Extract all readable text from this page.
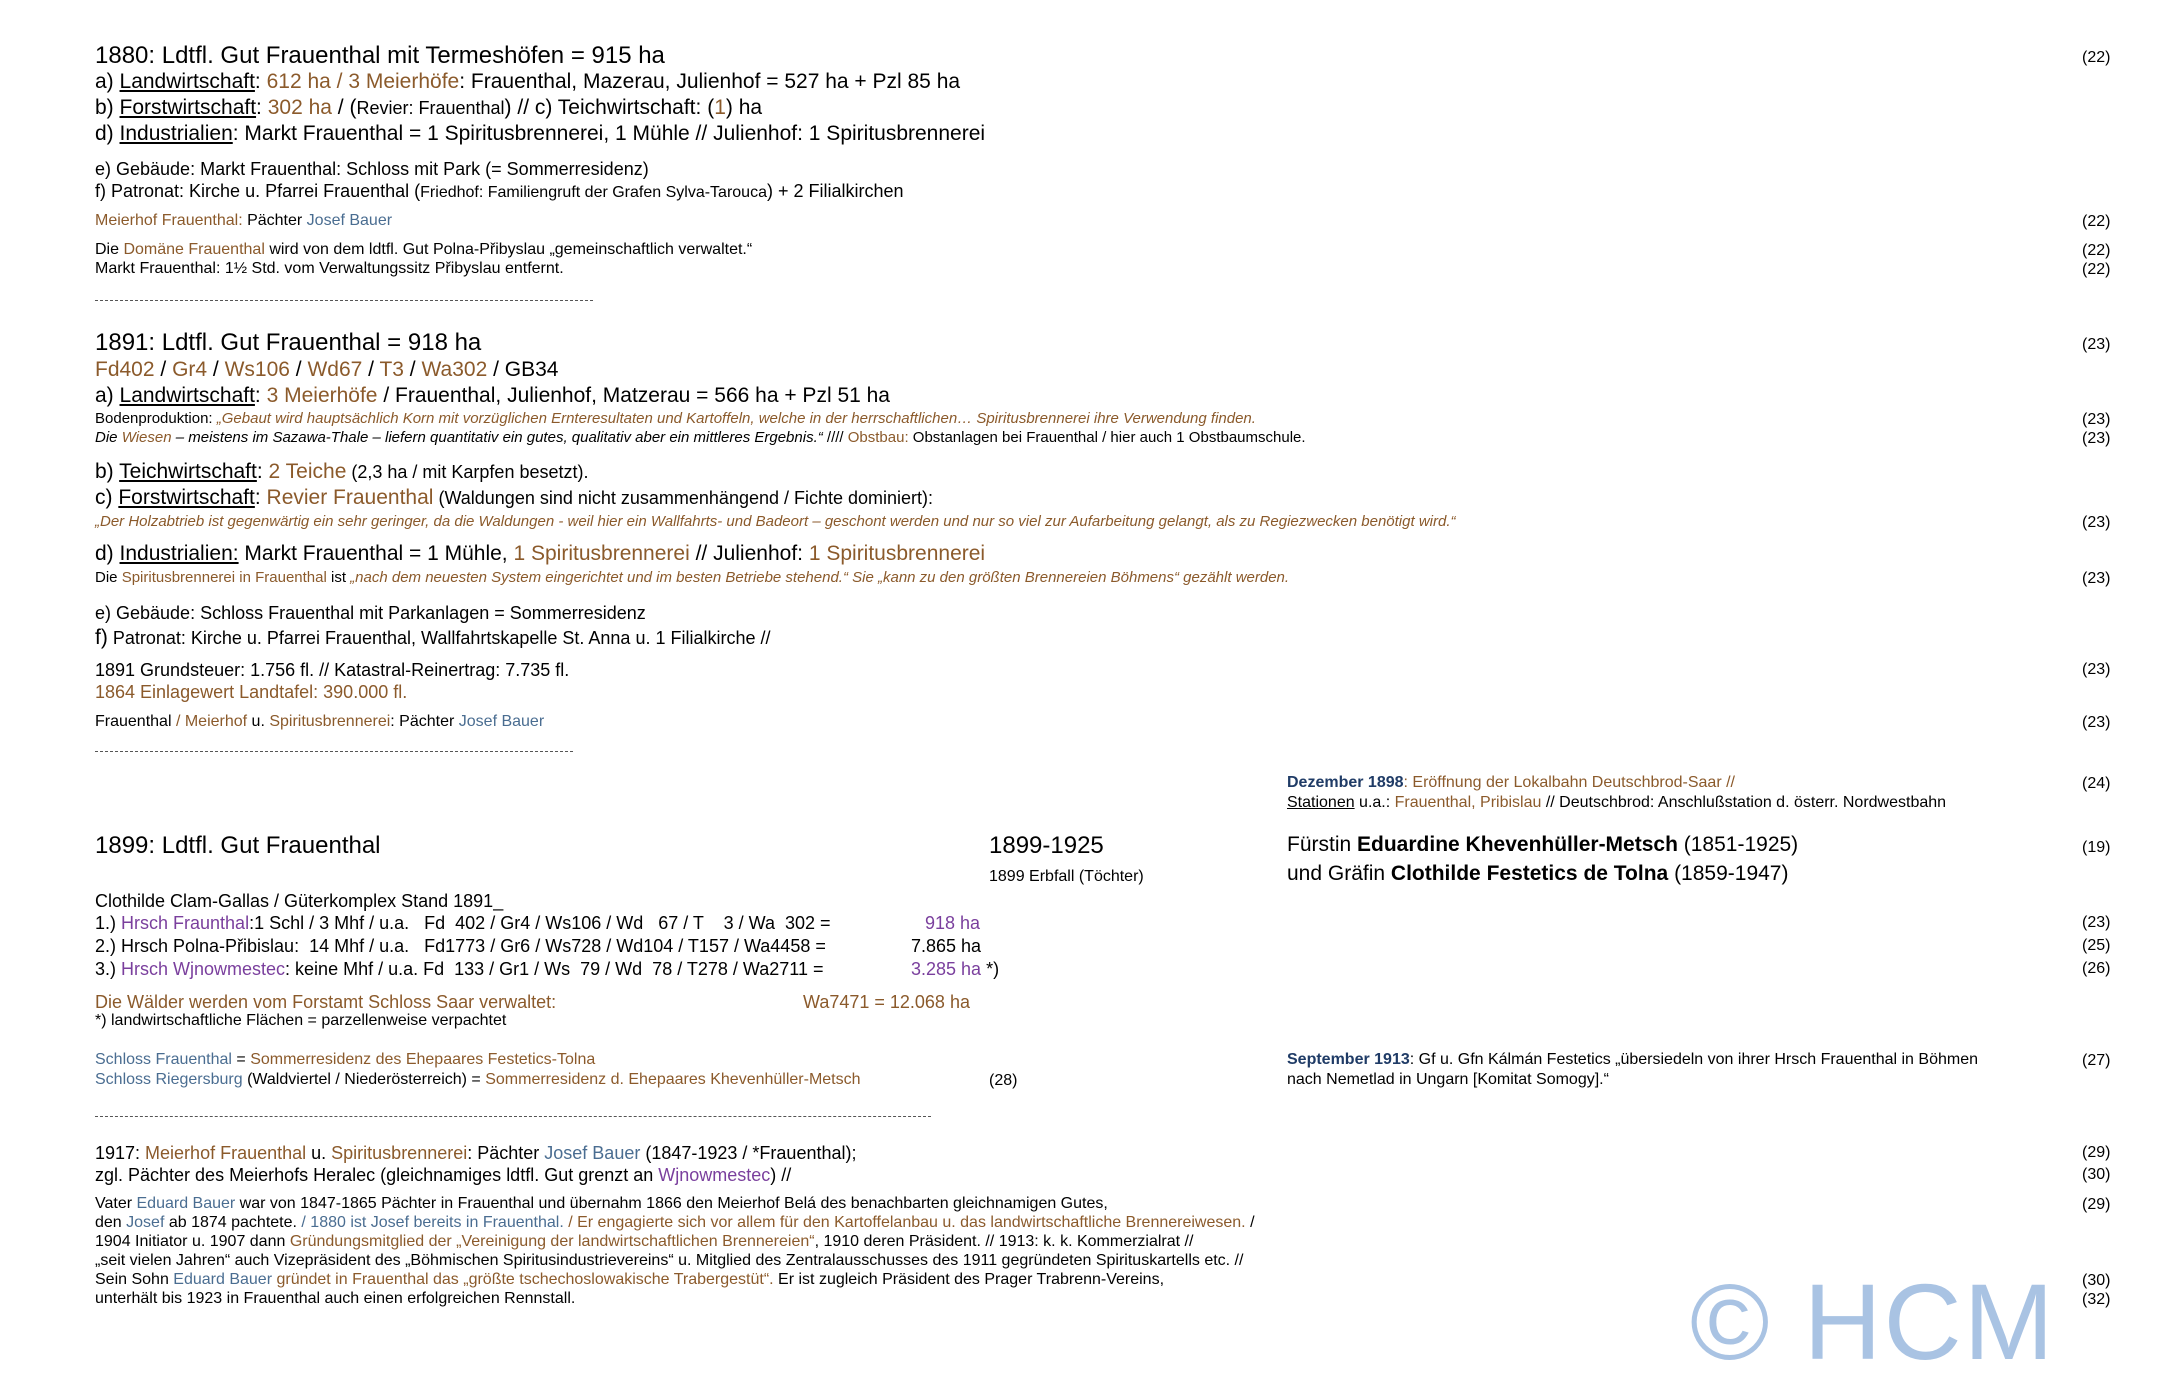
1880: Ldtfl. Gut Frauenthal mit Termeshöfen = 915 ha	(22)
a) Landwirtschaft: 612 ha / 3 Meierhöfe: Frauenthal, Mazerau, Julienhof = 527 ha + Pzl 85 ha
b) Forstwirtschaft: 302 ha / (Revier: Frauenthal) // c) Teichwirtschaft: (1) ha
d) Industrialien: Markt Frauenthal = 1 Spiritusbrennerei, 1 Mühle // Julienhof: 1 Spiritusbrennerei
e) Gebäude: Markt Frauenthal: Schloss mit Park (= Sommerresidenz)
f) Patronat: Kirche u. Pfarrei Frauenthal (Friedhof: Familiengruft der Grafen Sylva-Tarouca) + 2 Filialkirchen
Meierhof Frauenthal: Pächter Josef Bauer	(22)
Die Domäne Frauenthal wird von dem ldtfl. Gut Polna-Přibyslau „gemeinschaftlich verwaltet.“	(22)
Markt Frauenthal: 1½ Std. vom Verwaltungssitz Přibyslau entfernt.	(22)
1891: Ldtfl. Gut Frauenthal = 918 ha	(23)
Fd402 / Gr4 / Ws106 / Wd67 / T3 / Wa302 / GB34
a) Landwirtschaft: 3 Meierhöfe / Frauenthal, Julienhof, Matzerau = 566 ha + Pzl 51 ha
Bodenproduktion: „Gebaut wird hauptsächlich Korn mit vorzüglichen Ernteresultaten und Kartoffeln, welche in der herrschaftlichen… Spiritusbrennerei ihre Verwendung finden.	(23)
Die Wiesen – meistens im Sazawa-Thale – liefern quantitativ ein gutes, qualitativ aber ein mittleres Ergebnis.“ //// Obstbau: Obstanlagen bei Frauenthal / hier auch 1 Obstbaumschule.	(23)
b) Teichwirtschaft: 2 Teiche (2,3 ha / mit Karpfen besetzt).
c) Forstwirtschaft: Revier Frauenthal (Waldungen sind nicht zusammenhängend / Fichte dominiert):
„Der Holzabtrieb ist gegenwärtig ein sehr geringer, da die Waldungen - weil hier ein Wallfahrts- und Badeort – geschont werden und nur so viel zur Aufarbeitung gelangt, als zu Regiezwecken benötigt wird.“	(23)
d) Industrialien: Markt Frauenthal = 1 Mühle, 1 Spiritusbrennerei // Julienhof: 1 Spiritusbrennerei
Die Spiritusbrennerei in Frauenthal ist „nach dem neuesten System eingerichtet und im besten Betriebe stehend.“ Sie „kann zu den größten Brennereien Böhmens“ gezählt werden.	(23)
e) Gebäude: Schloss Frauenthal mit Parkanlagen = Sommerresidenz
f) Patronat: Kirche u. Pfarrei Frauenthal, Wallfahrtskapelle St. Anna u. 1 Filialkirche //
1891 Grundsteuer: 1.756 fl. // Katastral-Reinertrag: 7.735 fl.	(23)
1864 Einlagewert Landtafel: 390.000 fl.
Frauenthal / Meierhof u. Spiritusbrennerei: Pächter Josef Bauer	(23)
Dezember 1898: Eröffnung der Lokalbahn Deutschbrod-Saar //	(24)
Stationen u.a.: Frauenthal, Pribislau // Deutschbrod: Anschlußstation d. österr. Nordwestbahn
1899: Ldtfl. Gut Frauenthal	1899-1925
1899 Erbfall (Töchter)
Fürstin Eduardine Khevenhüller-Metsch (1851-1925)	(19)
und Gräfin Clothilde Festetics de Tolna (1859-1947)
Clothilde Clam-Gallas / Güterkomplex Stand 1891_
1.) Hrsch Fraunthal:1 Schl / 3 Mhf / u.a.   Fd  402 / Gr4 / Ws106 / Wd   67 / T    3 / Wa  302 =	918 ha	(23)
2.) Hrsch Polna-Přibislau:  14 Mhf / u.a.   Fd1773 / Gr6 / Ws728 / Wd104 / T157 / Wa4458 =	7.865 ha	(25)
3.) Hrsch Wjnowmestec: keine Mhf / u.a. Fd  133 / Gr1 / Ws  79 / Wd  78 / T278 / Wa2711 =	3.285 ha *)	(26)
Die Wälder werden vom Forstamt Schloss Saar verwaltet:	Wa7471 = 12.068 ha
*) landwirtschaftliche Flächen = parzellenweise verpachtet
Schloss Frauenthal = Sommerresidenz des Ehepaares Festetics-Tolna
Schloss Riegersburg (Waldviertel / Niederösterreich) = Sommerresidenz d. Ehepaares Khevenhüller-Metsch	(28)
September 1913: Gf u. Gfn Kálmán Festetics „übersiedeln von ihrer Hrsch Frauenthal in Böhmen	(27)
nach Nemetlad in Ungarn [Komitat Somogy].“
1917: Meierhof Frauenthal u. Spiritusbrennerei: Pächter Josef Bauer (1847-1923 / *Frauenthal);	(29)
zgl. Pächter des Meierhofs Heralec (gleichnamiges ldtfl. Gut grenzt an Wjnowmestec) //	(30)
Vater Eduard Bauer war von 1847-1865 Pächter in Frauenthal und übernahm 1866 den Meierhof Belá des benachbarten gleichnamigen Gutes,	(29)
den Josef ab 1874 pachtete. / 1880 ist Josef bereits in Frauenthal. / Er engagierte sich vor allem für den Kartoffelanbau u. das landwirtschaftliche Brennereiwesen. /
1904 Initiator u. 1907 dann Gründungsmitglied der „Vereinigung der landwirtschaftlichen Brennereien“, 1910 deren Präsident. // 1913: k. k. Kommerzialrat //
„seit vielen Jahren“ auch Vizepräsident des „Böhmischen Spiritusindustrievereins“ u. Mitglied des Zentralausschusses des 1911 gegründeten Spirituskartells etc. //
Sein Sohn Eduard Bauer gründet in Frauenthal das „größte tschechoslowakische Trabergestüt“. Er ist zugleich Präsident des Prager Trabrenn-Vereins,	(30)
unterhält bis 1923 in Frauenthal auch einen erfolgreichen Rennstall.	(32)
© HCM
